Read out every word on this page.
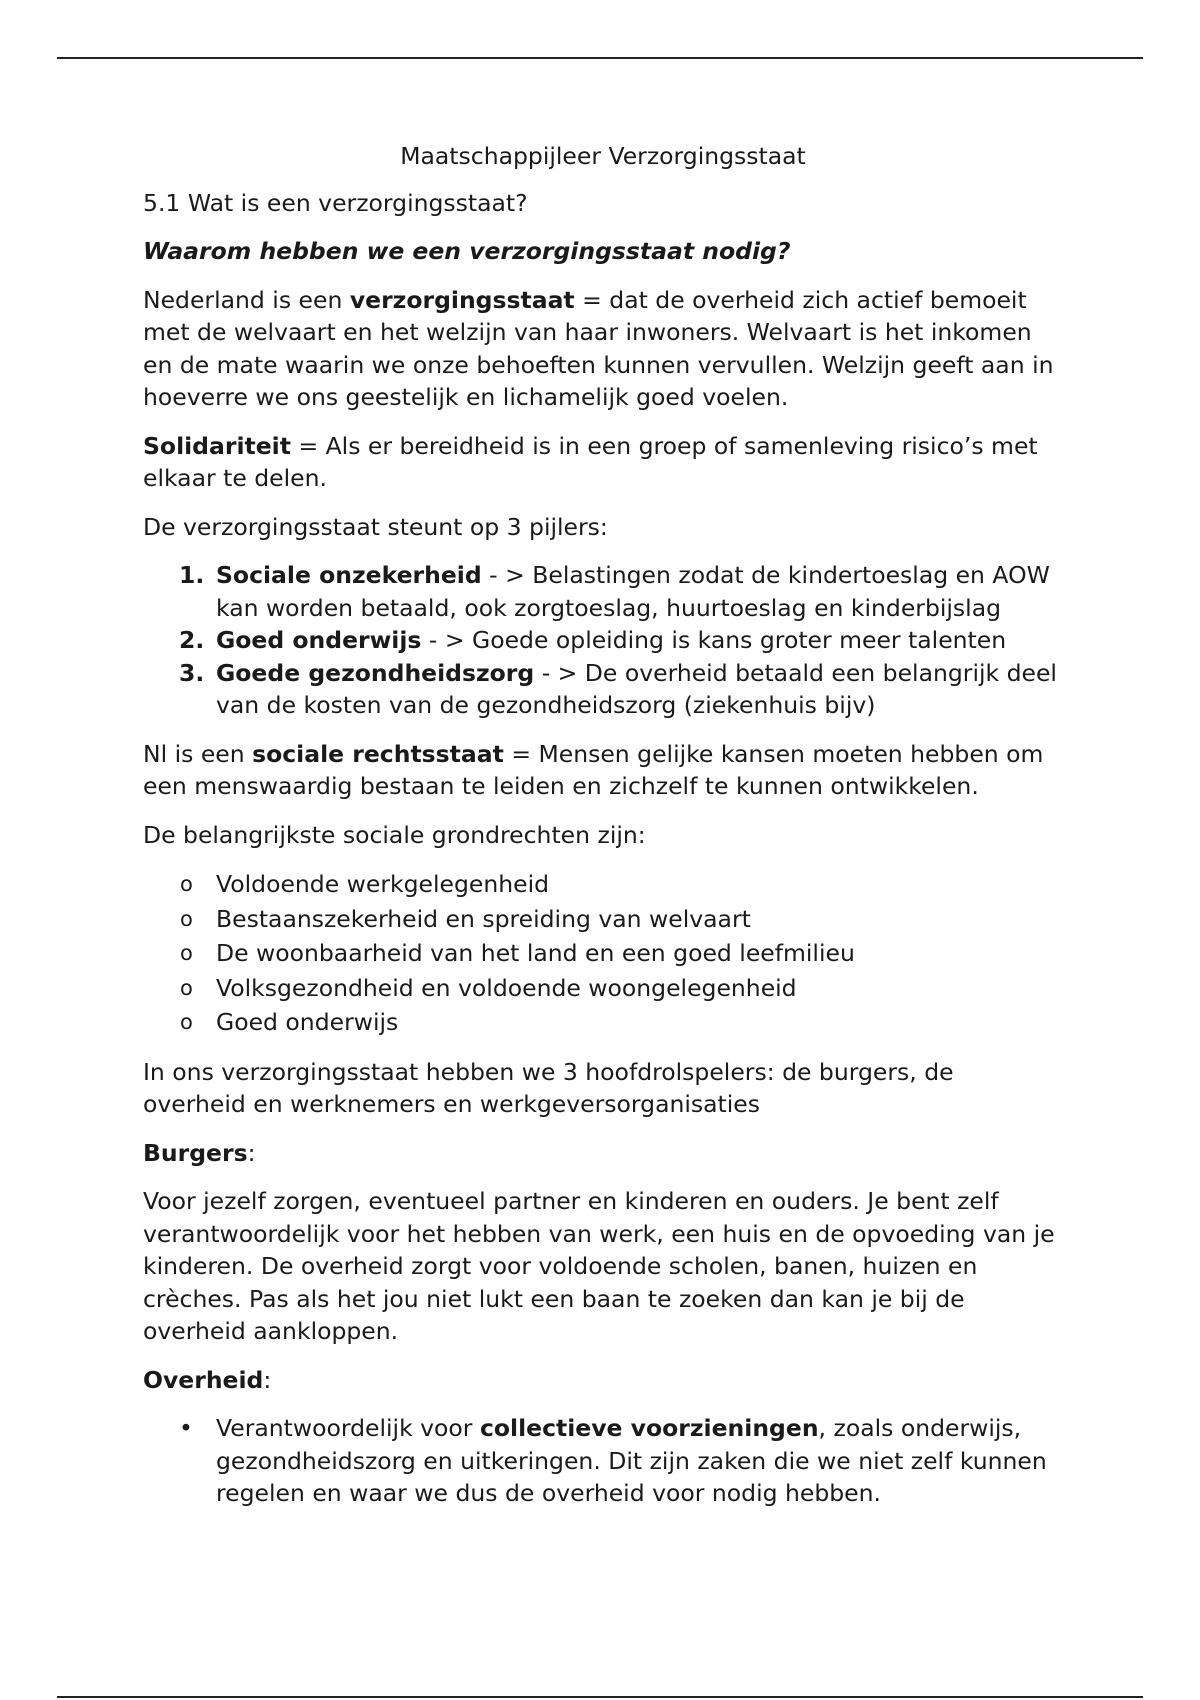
Maatschappijleer Verzorgingsstaat

5.1 Wat is een verzorgingsstaat?

Waarom hebben we een verzorgingsstaat nodig?

Nederland is een verzorgingsstaat = dat de overheid zich actief bemoeit met de welvaart en het welzijn van haar inwoners. Welvaart is het inkomen en de mate waarin we onze behoeften kunnen vervullen. Welzijn geeft aan in hoeverre we ons geestelijk en lichamelijk goed voelen.

Solidariteit = Als er bereidheid is in een groep of samenleving risico’s met elkaar te delen.

De verzorgingsstaat steunt op 3 pijlers:

1. Sociale onzekerheid - > Belastingen zodat de kindertoeslag en AOW kan worden betaald, ook zorgtoeslag, huurtoeslag en kinderbijslag
2. Goed onderwijs - > Goede opleiding is kans groter meer talenten
3. Goede gezondheidszorg - > De overheid betaald een belangrijk deel van de kosten van de gezondheidszorg (ziekenhuis bijv)

Nl is een sociale rechtsstaat = Mensen gelijke kansen moeten hebben om een menswaardig bestaan te leiden en zichzelf te kunnen ontwikkelen.

De belangrijkste sociale grondrechten zijn:

o Voldoende werkgelegenheid
o Bestaanszekerheid en spreiding van welvaart
o De woonbaarheid van het land en een goed leefmilieu
o Volksgezondheid en voldoende woongelegenheid
o Goed onderwijs

In ons verzorgingsstaat hebben we 3 hoofdrolspelers: de burgers, de overheid en werknemers en werkgeversorganisaties

Burgers:

Voor jezelf zorgen, eventueel partner en kinderen en ouders. Je bent zelf verantwoordelijk voor het hebben van werk, een huis en de opvoeding van je kinderen. De overheid zorgt voor voldoende scholen, banen, huizen en crèches. Pas als het jou niet lukt een baan te zoeken dan kan je bij de overheid aankloppen.

Overheid:

• Verantwoordelijk voor collectieve voorzieningen, zoals onderwijs, gezondheidszorg en uitkeringen. Dit zijn zaken die we niet zelf kunnen regelen en waar we dus de overheid voor nodig hebben.
